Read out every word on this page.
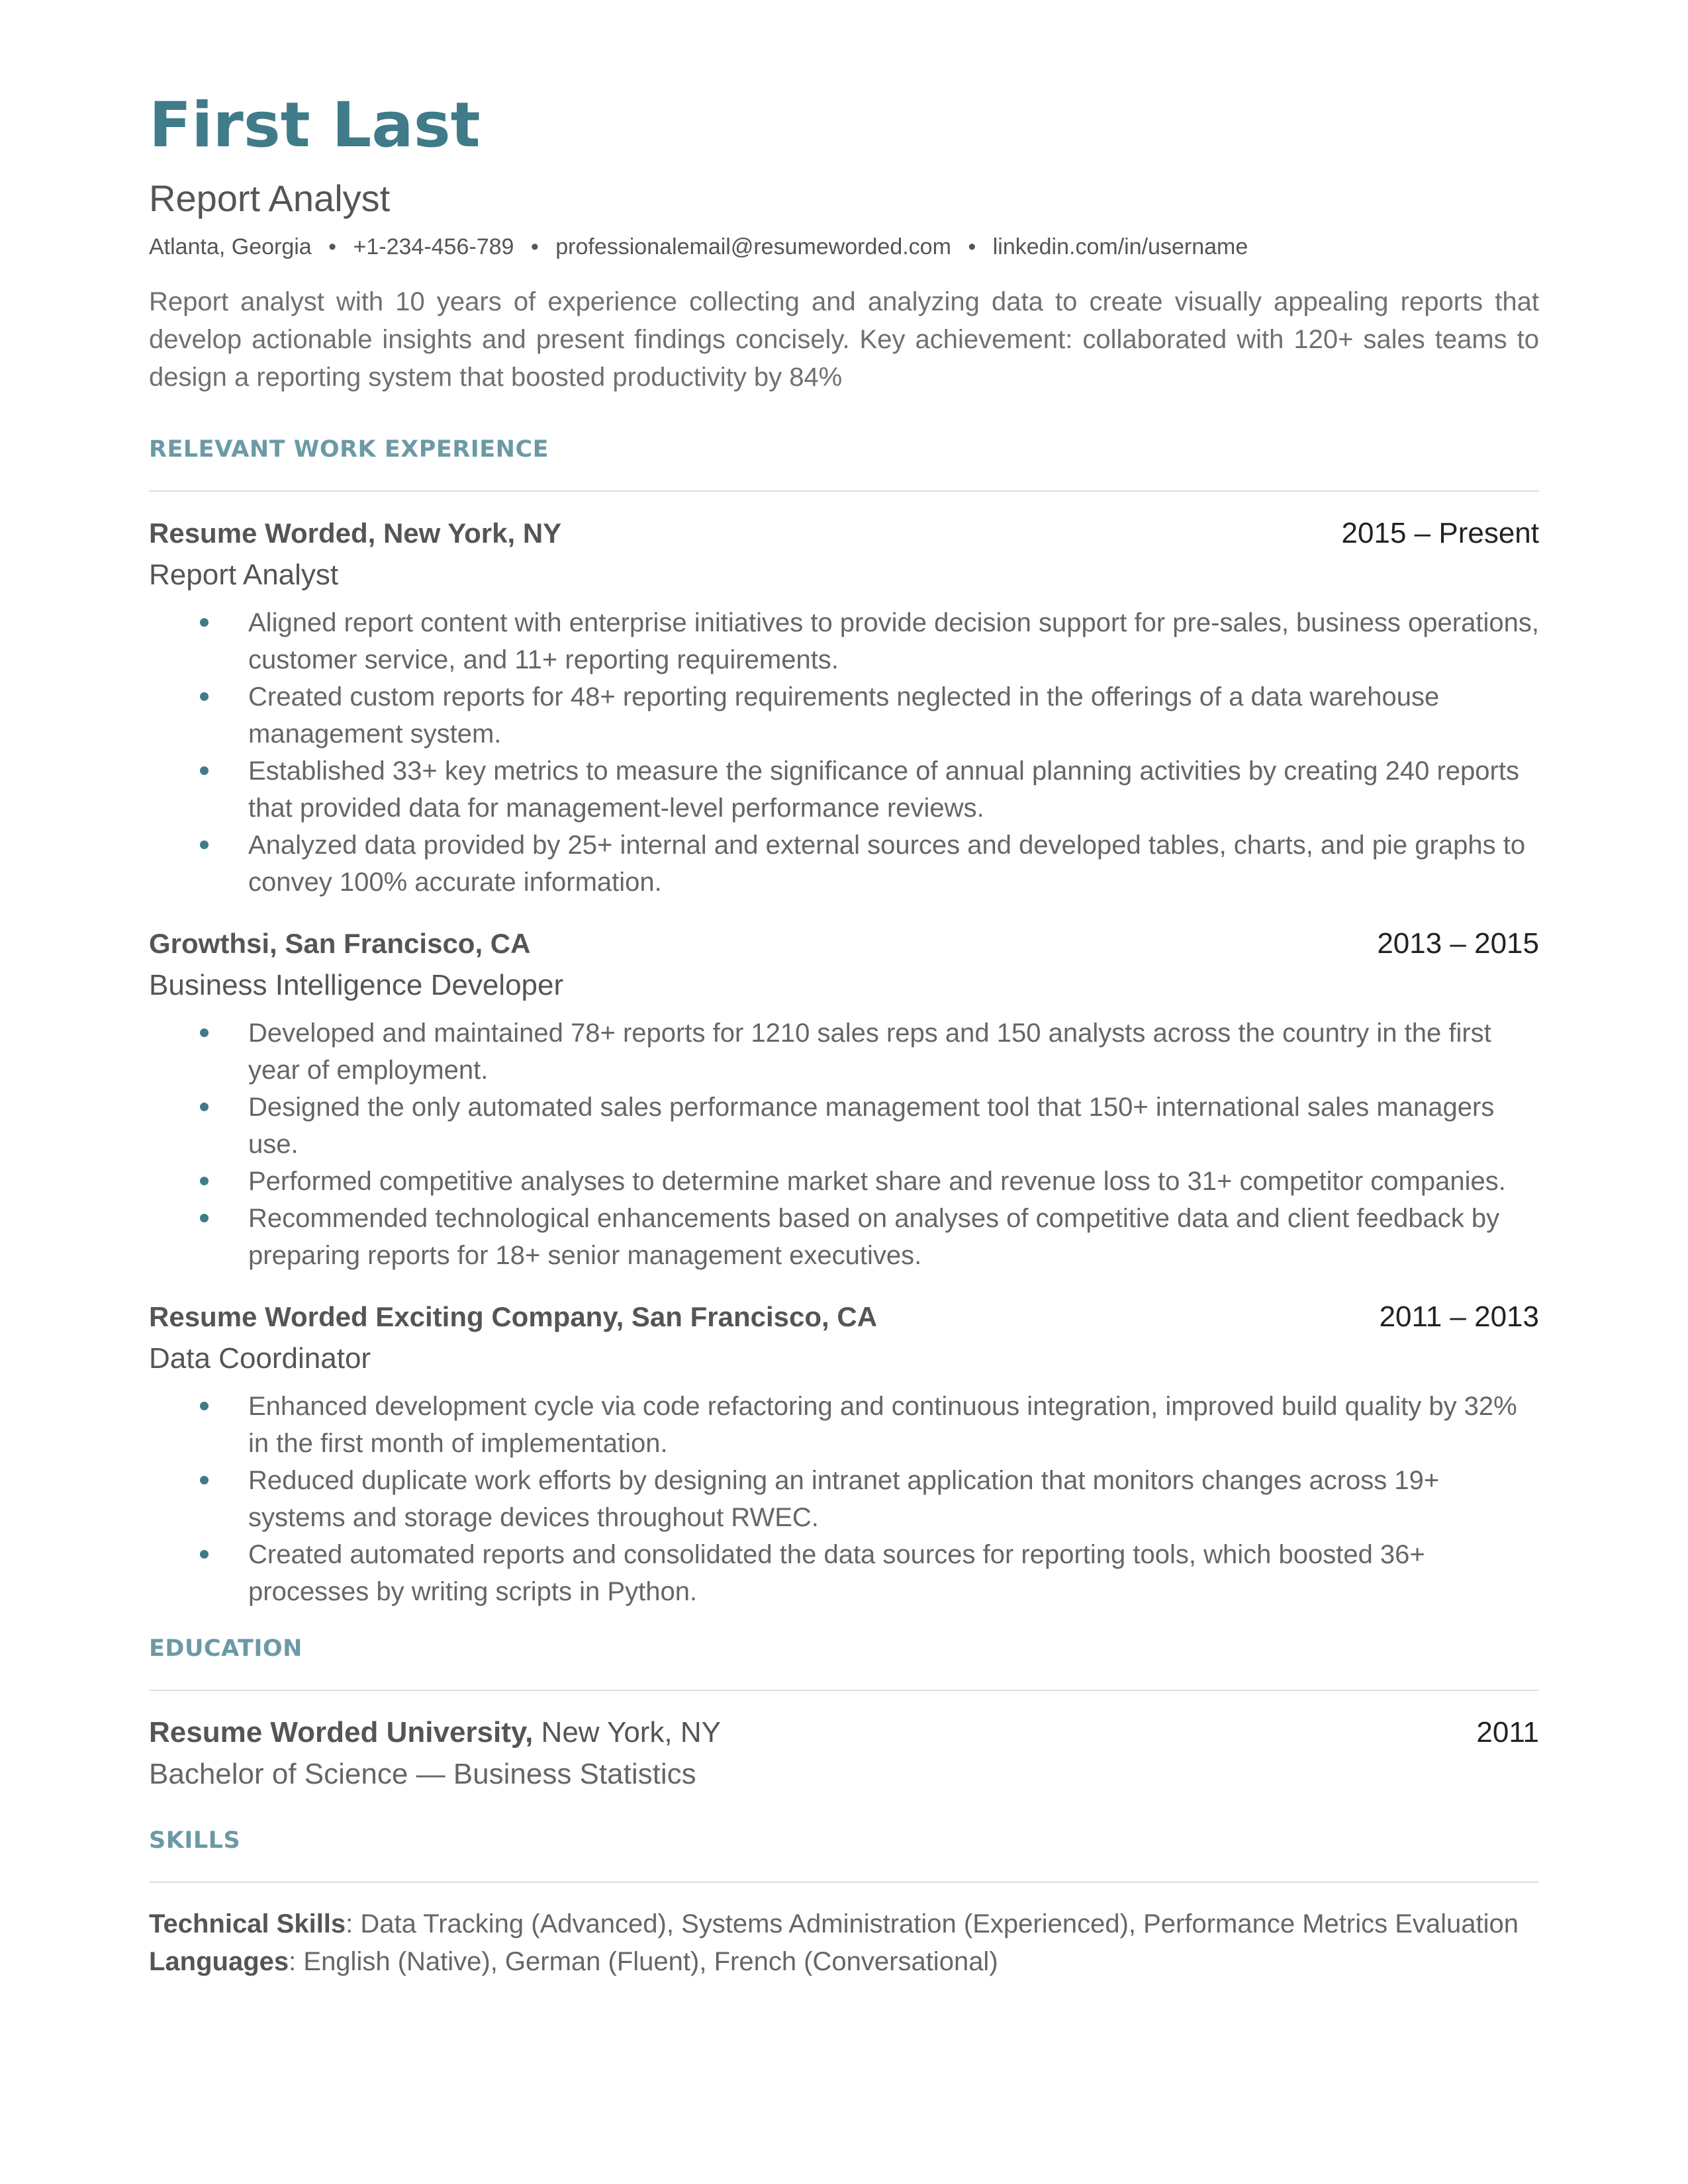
First Last
Report Analyst
Atlanta, Georgia • +1-234-456-789 • professionalemail@resumeworded.com • linkedin.com/in/username
Report analyst with 10 years of experience collecting and analyzing data to create visually appealing reports that develop actionable insights and present findings concisely. Key achievement: collaborated with 120+ sales teams to design a reporting system that boosted productivity by 84%
RELEVANT WORK EXPERIENCE
Resume Worded, New York, NY	2015 – Present
Report Analyst
Aligned report content with enterprise initiatives to provide decision support for pre-sales, business operations, customer service, and 11+ reporting requirements.
Created custom reports for 48+ reporting requirements neglected in the offerings of a data warehouse management system.
Established 33+ key metrics to measure the significance of annual planning activities by creating 240 reports that provided data for management-level performance reviews.
Analyzed data provided by 25+ internal and external sources and developed tables, charts, and pie graphs to convey 100% accurate information.
Growthsi, San Francisco, CA	2013 – 2015
Business Intelligence Developer
Developed and maintained 78+ reports for 1210 sales reps and 150 analysts across the country in the first year of employment.
Designed the only automated sales performance management tool that 150+ international sales managers use.
Performed competitive analyses to determine market share and revenue loss to 31+ competitor companies.
Recommended technological enhancements based on analyses of competitive data and client feedback by preparing reports for 18+ senior management executives.
Resume Worded Exciting Company, San Francisco, CA	2011 – 2013
Data Coordinator
Enhanced development cycle via code refactoring and continuous integration, improved build quality by 32% in the first month of implementation.
Reduced duplicate work efforts by designing an intranet application that monitors changes across 19+ systems and storage devices throughout RWEC.
Created automated reports and consolidated the data sources for reporting tools, which boosted 36+ processes by writing scripts in Python.
EDUCATION
Resume Worded University, New York, NY	2011
Bachelor of Science — Business Statistics
SKILLS
Technical Skills: Data Tracking (Advanced), Systems Administration (Experienced), Performance Metrics Evaluation
Languages: English (Native), German (Fluent), French (Conversational)
